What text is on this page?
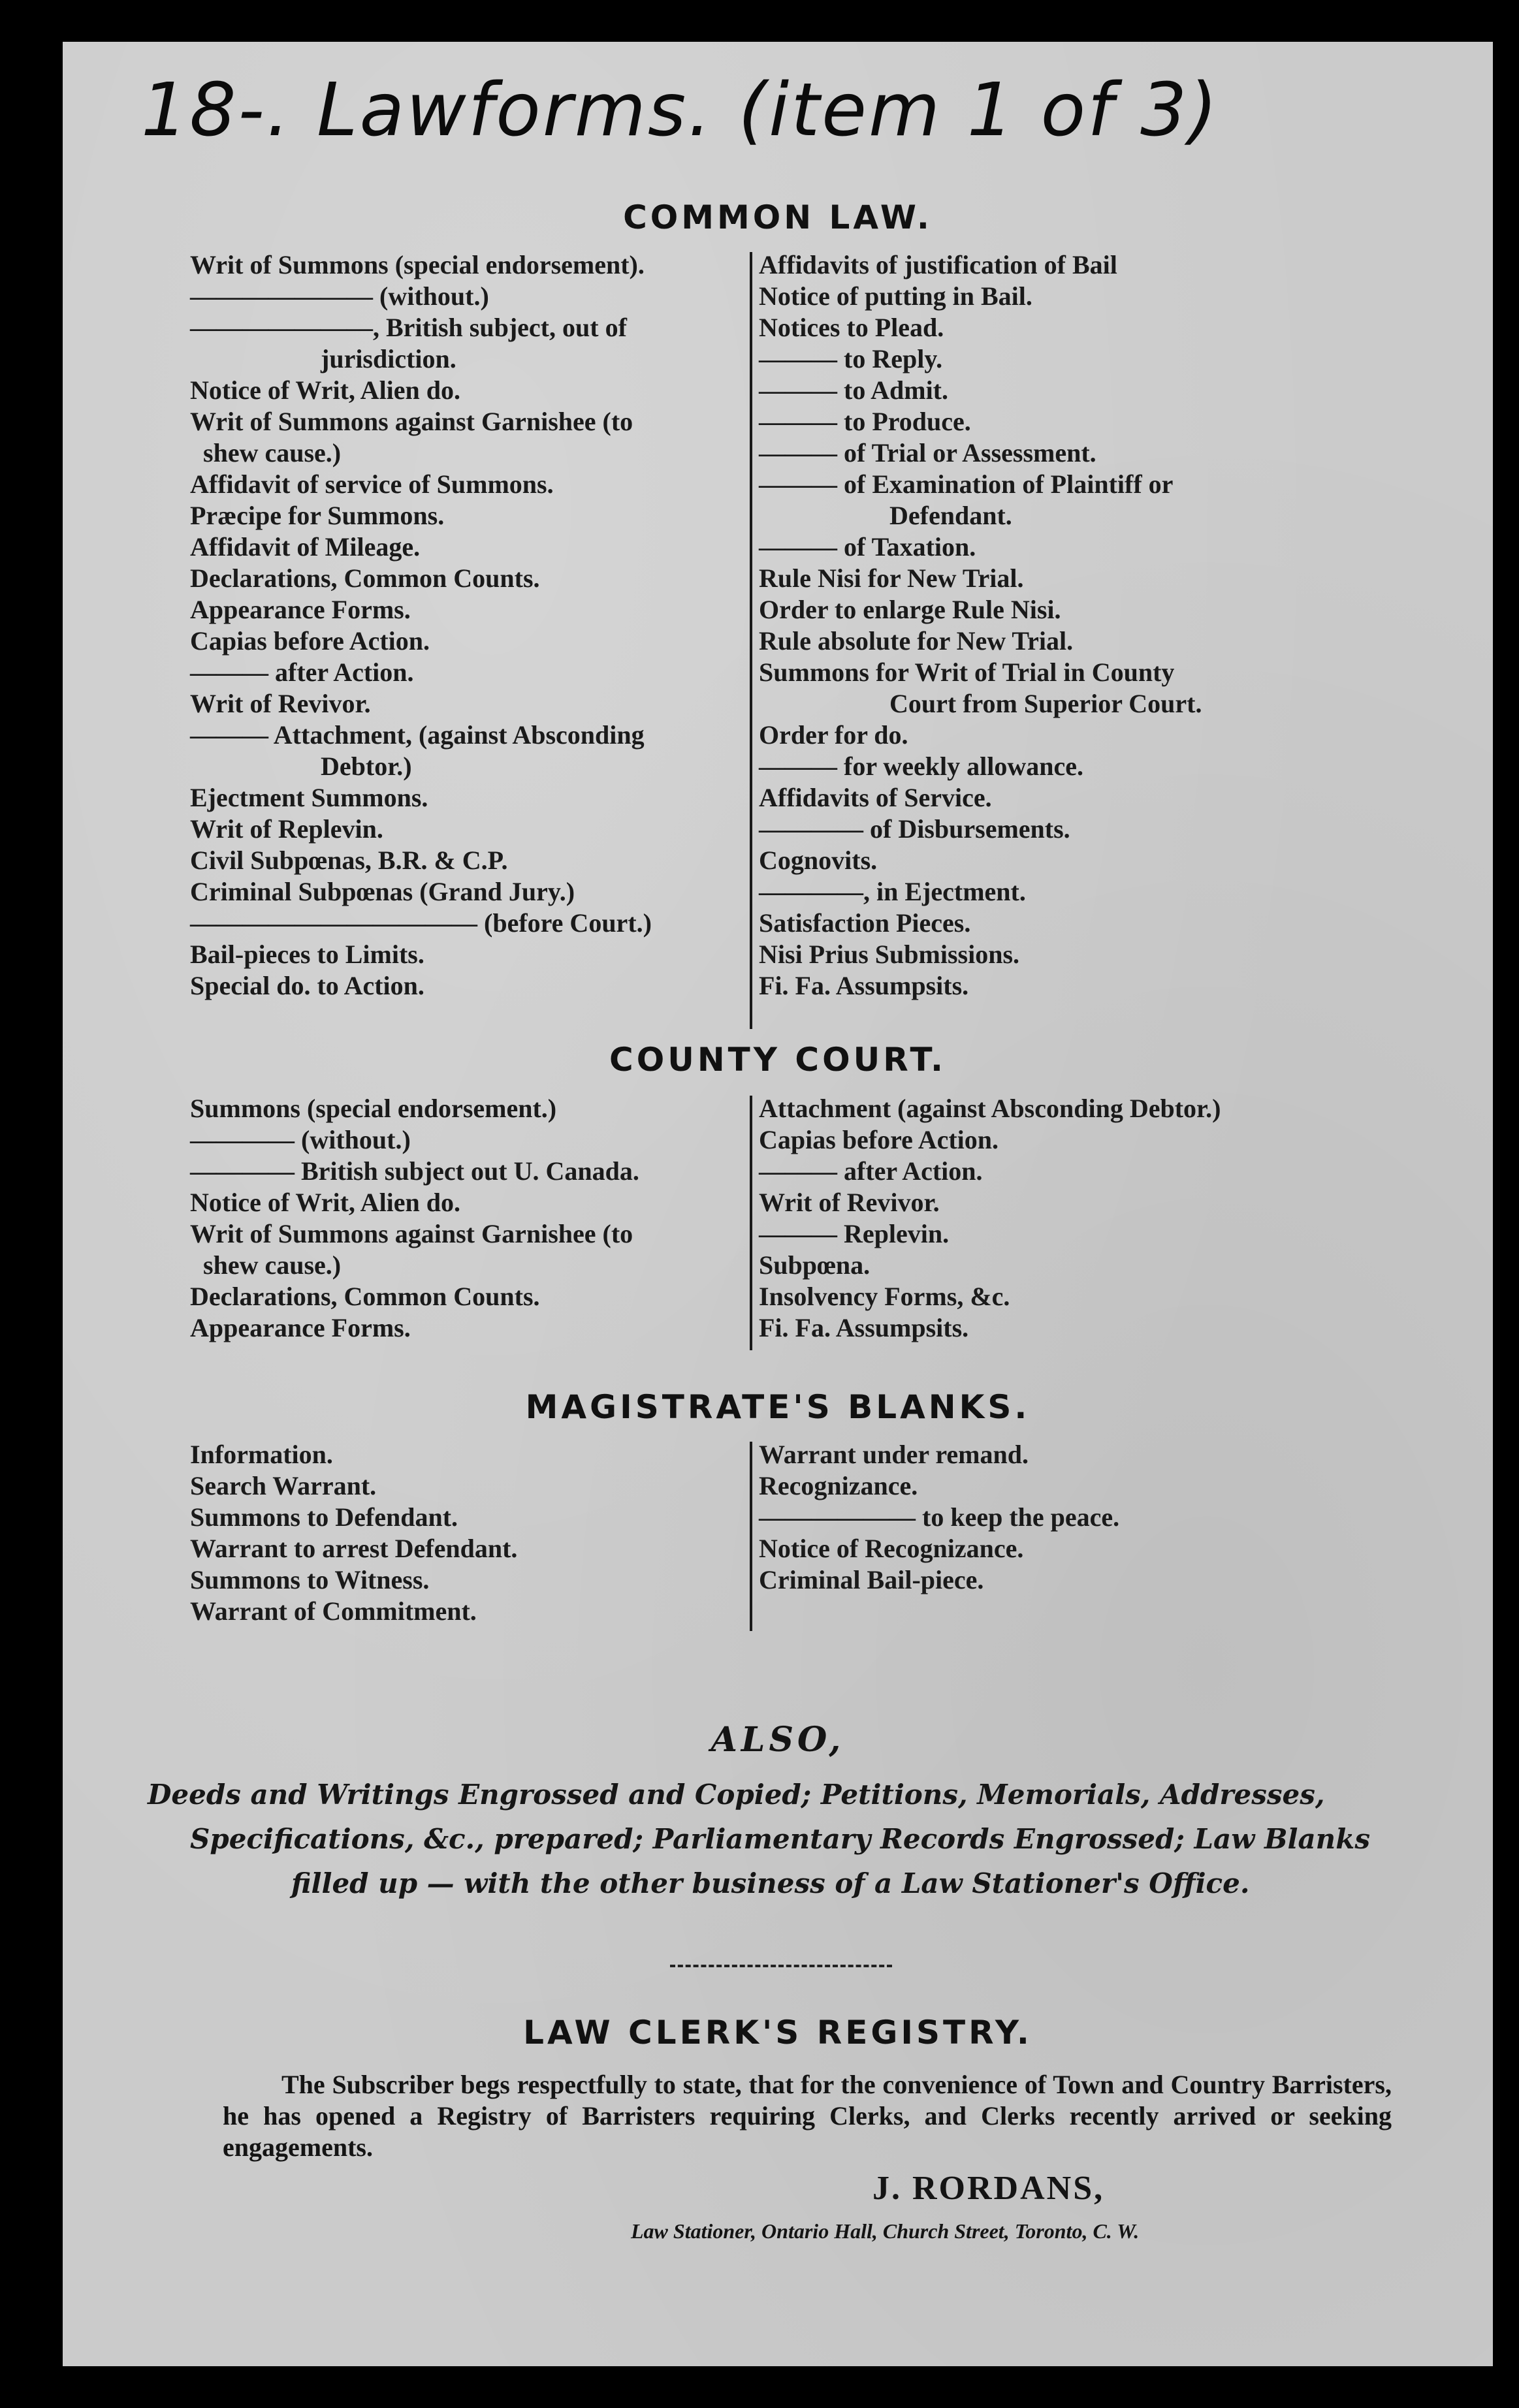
18-. Lawforms. (item 1 of 3)
COMMON LAW.
Writ of Summons (special endorsement).
——————— (without.)
———————, British subject, out of
jurisdiction.
Notice of Writ, Alien do.
Writ of Summons against Garnishee (to
shew cause.)
Affidavit of service of Summons.
Præcipe for Summons.
Affidavit of Mileage.
Declarations, Common Counts.
Appearance Forms.
Capias before Action.
——— after Action.
Writ of Revivor.
——— Attachment, (against Absconding
Debtor.)
Ejectment Summons.
Writ of Replevin.
Civil Subpœnas, B.R. & C.P.
Criminal Subpœnas (Grand Jury.)
——————————— (before Court.)
Bail-pieces to Limits.
Special do. to Action.
Affidavits of justification of Bail
Notice of putting in Bail.
Notices to Plead.
——— to Reply.
——— to Admit.
——— to Produce.
——— of Trial or Assessment.
——— of Examination of Plaintiff or
Defendant.
——— of Taxation.
Rule Nisi for New Trial.
Order to enlarge Rule Nisi.
Rule absolute for New Trial.
Summons for Writ of Trial in County
Court from Superior Court.
Order for do.
——— for weekly allowance.
Affidavits of Service.
———— of Disbursements.
Cognovits.
————, in Ejectment.
Satisfaction Pieces.
Nisi Prius Submissions.
Fi. Fa. Assumpsits.
COUNTY COURT.
Summons (special endorsement.)
———— (without.)
———— British subject out U. Canada.
Notice of Writ, Alien do.
Writ of Summons against Garnishee (to
shew cause.)
Declarations, Common Counts.
Appearance Forms.
Attachment (against Absconding Debtor.)
Capias before Action.
——— after Action.
Writ of Revivor.
——— Replevin.
Subpœna.
Insolvency Forms, &c.
Fi. Fa. Assumpsits.
MAGISTRATE'S BLANKS.
Information.
Search Warrant.
Summons to Defendant.
Warrant to arrest Defendant.
Summons to Witness.
Warrant of Commitment.
Warrant under remand.
Recognizance.
—————— to keep the peace.
Notice of Recognizance.
Criminal Bail-piece.
ALSO,
Deeds and Writings Engrossed and Copied; Petitions, Memorials, Addresses,
Specifications, &c., prepared; Parliamentary Records Engrossed; Law Blanks
filled up — with the other business of a Law Stationer's Office.
LAW CLERK'S REGISTRY.
The Subscriber begs respectfully to state, that for the convenience of Town and Country Barristers, he has opened a Registry of Barristers requiring Clerks, and Clerks recently arrived or seeking engagements.
J. RORDANS,
Law Stationer, Ontario Hall, Church Street, Toronto, C. W.
